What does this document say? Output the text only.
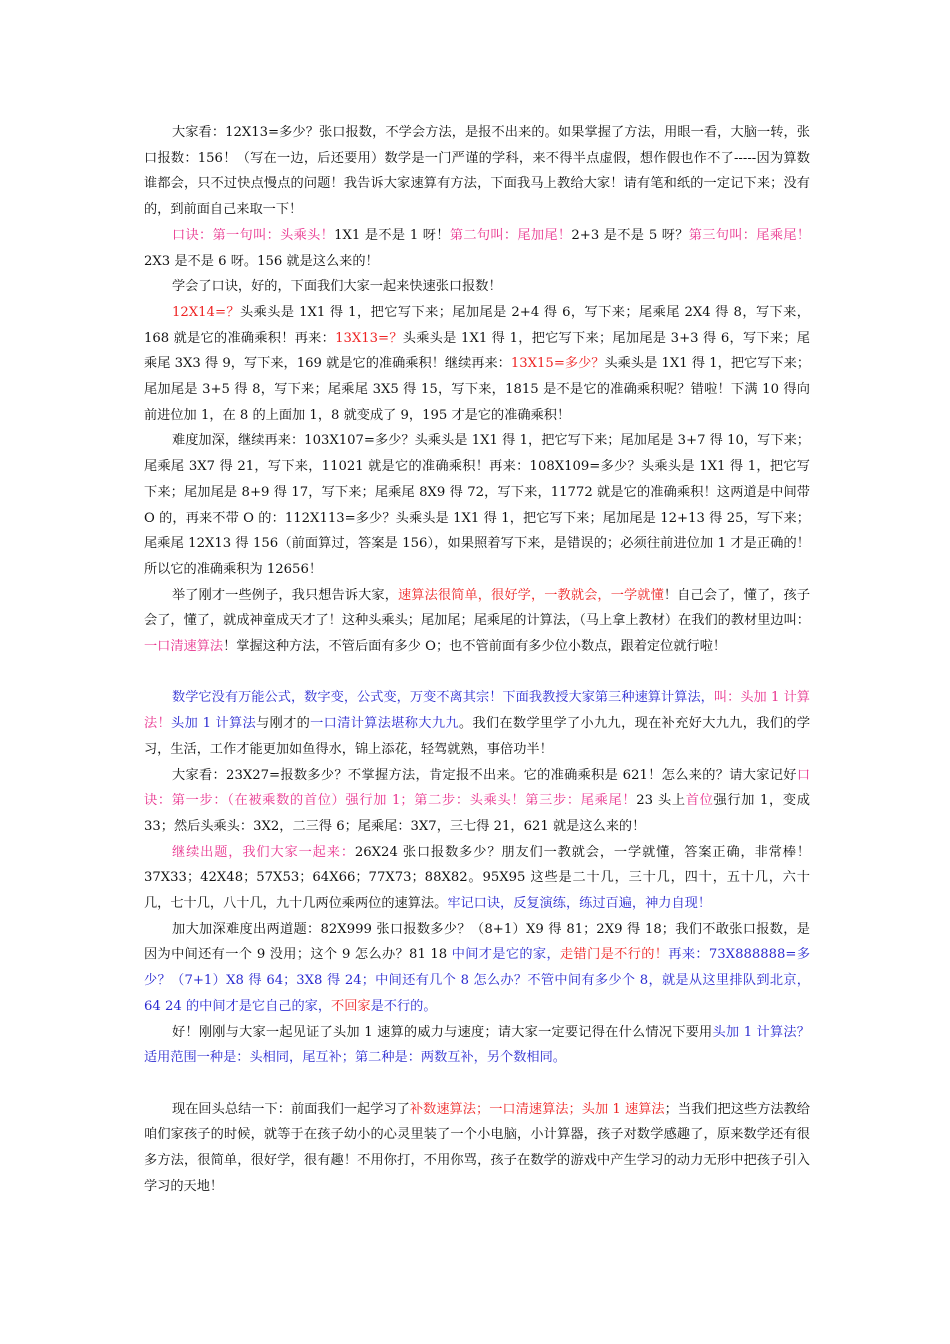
大家看：12X13=多少？张口报数，不学会方法，是报不出来的。如果掌握了方法，用眼一看，大脑一转，张口报数：156！（写在一边，后还要用）数学是一门严谨的学科，来不得半点虚假，想作假也作不了-----因为算数谁都会，只不过快点慢点的问题！我告诉大家速算有方法，下面我马上教给大家！请有笔和纸的一定记下来；没有的，到前面自己来取一下！

口诀：第一句叫：头乘头！1X1 是不是 1 呀！第二句叫：尾加尾！2+3 是不是 5 呀？第三句叫：尾乘尾！2X3 是不是 6 呀。156 就是这么来的！

学会了口诀，好的，下面我们大家一起来快速张口报数！

12X14=？头乘头是 1X1 得 1，把它写下来；尾加尾是 2+4 得 6，写下来；尾乘尾 2X4 得 8，写下来，168 就是它的准确乘积！再来：13X13=？头乘头是 1X1 得 1，把它写下来；尾加尾是 3+3 得 6，写下来；尾乘尾 3X3 得 9，写下来，169 就是它的准确乘积！继续再来：13X15=多少？头乘头是 1X1 得 1，把它写下来；尾加尾是 3+5 得 8，写下来；尾乘尾 3X5 得 15，写下来，1815 是不是它的准确乘积呢？错啦！下满 10 得向前进位加 1，在 8 的上面加 1，8 就变成了 9，195 才是它的准确乘积！

难度加深，继续再来：103X107=多少？头乘头是 1X1 得 1，把它写下来；尾加尾是 3+7 得 10，写下来；尾乘尾 3X7 得 21，写下来，11021 就是它的准确乘积！再来：108X109=多少？头乘头是 1X1 得 1，把它写下来；尾加尾是 8+9 得 17，写下来；尾乘尾 8X9 得 72，写下来，11772 就是它的准确乘积！这两道是中间带 O 的，再来不带 O 的：112X113=多少？头乘头是 1X1 得 1，把它写下来；尾加尾是 12+13 得 25，写下来；尾乘尾 12X13 得 156（前面算过，答案是 156），如果照着写下来，是错误的；必须往前进位加 1 才是正确的！所以它的准确乘积为 12656！

举了刚才一些例子，我只想告诉大家，速算法很简单，很好学，一教就会，一学就懂！自己会了，懂了，孩子会了，懂了，就成神童成天才了！这种头乘头；尾加尾；尾乘尾的计算法，（马上拿上教材）在我们的教材里边叫：一口清速算法！掌握这种方法，不管后面有多少 O；也不管前面有多少位小数点，跟着定位就行啦！

数学它没有万能公式，数字变，公式变，万变不离其宗！下面我教授大家第三种速算计算法，叫：头加 1 计算法！头加 1 计算法与刚才的一口清计算法堪称大九九。我们在数学里学了小九九，现在补充好大九九，我们的学习，生活，工作才能更加如鱼得水，锦上添花，轻驾就熟，事倍功半！

大家看：23X27=报数多少？不掌握方法，肯定报不出来。它的准确乘积是 621！怎么来的？请大家记好口诀：第一步：（在被乘数的首位）强行加 1；第二步：头乘头！第三步：尾乘尾！23 头上首位强行加 1，变成 33；然后头乘头：3X2，二三得 6；尾乘尾：3X7，三七得 21，621 就是这么来的！

继续出题，我们大家一起来：26X24 张口报数多少？朋友们一教就会，一学就懂，答案正确，非常棒！37X33；42X48；57X53；64X66；77X73；88X82。95X95 这些是二十几，三十几，四十，五十几，六十几，七十几，八十几，九十几两位乘两位的速算法。牢记口诀，反复演练，练过百遍，神力自现！

加大加深难度出两道题：82X999 张口报数多少？（8+1）X9 得 81；2X9 得 18；我们不敢张口报数，是因为中间还有一个 9 没用；这个 9 怎么办？81 18 中间才是它的家，走错门是不行的！再来：73X888888=多少？（7+1）X8 得 64；3X8 得 24；中间还有几个 8 怎么办？不管中间有多少个 8，就是从这里排队到北京，64 24 的中间才是它自己的家，不回家是不行的。

好！刚刚与大家一起见证了头加 1 速算的威力与速度；请大家一定要记得在什么情况下要用头加 1 计算法？适用范围一种是：头相同，尾互补；第二种是：两数互补，另个数相同。

现在回头总结一下：前面我们一起学习了补数速算法；一口清速算法；头加 1 速算法；当我们把这些方法教给咱们家孩子的时候，就等于在孩子幼小的心灵里装了一个小电脑，小计算器，孩子对数学感趣了，原来数学还有很多方法，很简单，很好学，很有趣！不用你打，不用你骂，孩子在数学的游戏中产生学习的动力无形中把孩子引入学习的天地！
